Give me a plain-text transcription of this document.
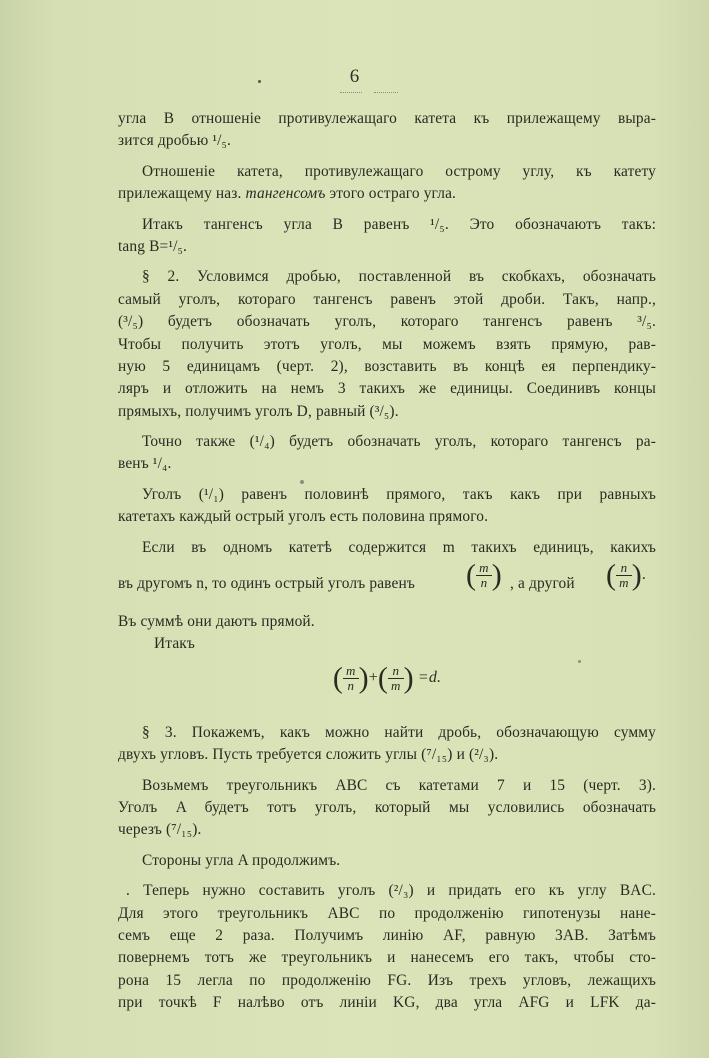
6
угла B отношеніе противулежащаго катета къ прилежащему выра-
зится дробью ¹/₅.
Отношеніе катета, противулежащаго острому углу, къ катету
прилежащему наз. тангенсомъ этого остраго угла.
Итакъ тангенсъ угла B равенъ ¹/₅. Это обозначаютъ такъ:
tang B=¹/₅.
§ 2. Условимся дробью, поставленной въ скобкахъ, обозначать
самый уголъ, котораго тангенсъ равенъ этой дроби. Такъ, напр.,
(³/₅) будетъ обозначать уголъ, котораго тангенсъ равенъ ³/₅.
Чтобы получить этотъ уголъ, мы можемъ взять прямую, рав-
ную 5 единицамъ (черт. 2), возставить въ концѣ ея перпендику-
ляръ и отложить на немъ 3 такихъ же единицы. Соединивъ концы
прямыхъ, получимъ уголъ D, равный (³/₅).
Точно также (¹/₄) будетъ обозначать уголъ, котораго тангенсъ ра-
венъ ¹/₄.
Уголъ (¹/₁) равенъ половинѣ прямого, такъ какъ при равныхъ
катетахъ каждый острый уголъ есть половина прямого.
Если въ одномъ катетѣ содержится m такихъ единицъ, какихъ
въ другомъ n, то одинъ острый уголъ равенъ ( $\frac{m}{n}$ ) , а другой ( $\frac{n}{m}$ ).
Въ суммѣ они даютъ прямой.
Итакъ
( $\frac{m}{n}$ )+( $\frac{n}{m}$ ) =d.
§ 3. Покажемъ, какъ можно найти дробь, обозначающую сумму
двухъ угловъ. Пусть требуется сложить углы (⁷/₁₅) и (²/₃).
Возьмемъ треугольникъ ABC съ катетами 7 и 15 (черт. 3).
Уголъ A будетъ тотъ уголъ, который мы условились обозначать
черезъ (⁷/₁₅).
Стороны угла A продолжимъ.
. Теперь нужно составить уголъ (²/₃) и придать его къ углу BAC.
Для этого треугольникъ ABC по продолженію гипотенузы нане-
семъ еще 2 раза. Получимъ линію AF, равную 3AB. Затѣмъ
повернемъ тотъ же треугольникъ и нанесемъ его такъ, чтобы сто-
рона 15 легла по продолженію FG. Изъ трехъ угловъ, лежащихъ
при точкѣ F налѣво отъ линіи KG, два угла AFG и LFK да-
